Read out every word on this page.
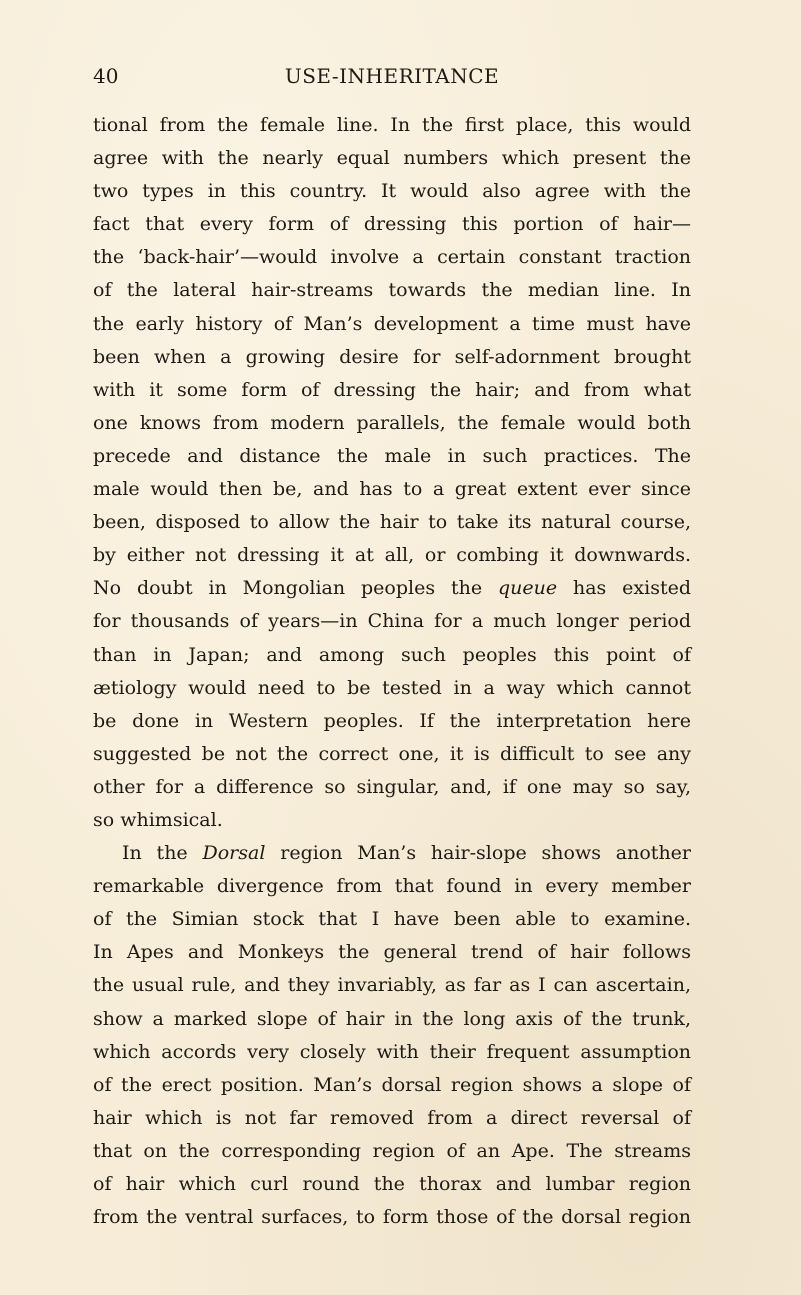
40	USE-INHERITANCE
tional from the female line. In the first place, this would
agree with the nearly equal numbers which present the
two types in this country. It would also agree with the
fact that every form of dressing this portion of hair—
the ‘back-hair’—would involve a certain constant traction
of the lateral hair-streams towards the median line. In
the early history of Man’s development a time must have
been when a growing desire for self-adornment brought
with it some form of dressing the hair; and from what
one knows from modern parallels, the female would both
precede and distance the male in such practices. The
male would then be, and has to a great extent ever since
been, disposed to allow the hair to take its natural course,
by either not dressing it at all, or combing it downwards.
No doubt in Mongolian peoples the queue has existed
for thousands of years—in China for a much longer period
than in Japan; and among such peoples this point of
ætiology would need to be tested in a way which cannot
be done in Western peoples. If the interpretation here
suggested be not the correct one, it is difficult to see any
other for a difference so singular, and, if one may so say,
so whimsical.
In the Dorsal region Man’s hair-slope shows another
remarkable divergence from that found in every member
of the Simian stock that I have been able to examine.
In Apes and Monkeys the general trend of hair follows
the usual rule, and they invariably, as far as I can ascertain,
show a marked slope of hair in the long axis of the trunk,
which accords very closely with their frequent assumption
of the erect position. Man’s dorsal region shows a slope of
hair which is not far removed from a direct reversal of
that on the corresponding region of an Ape. The streams
of hair which curl round the thorax and lumbar region
from the ventral surfaces, to form those of the dorsal region
